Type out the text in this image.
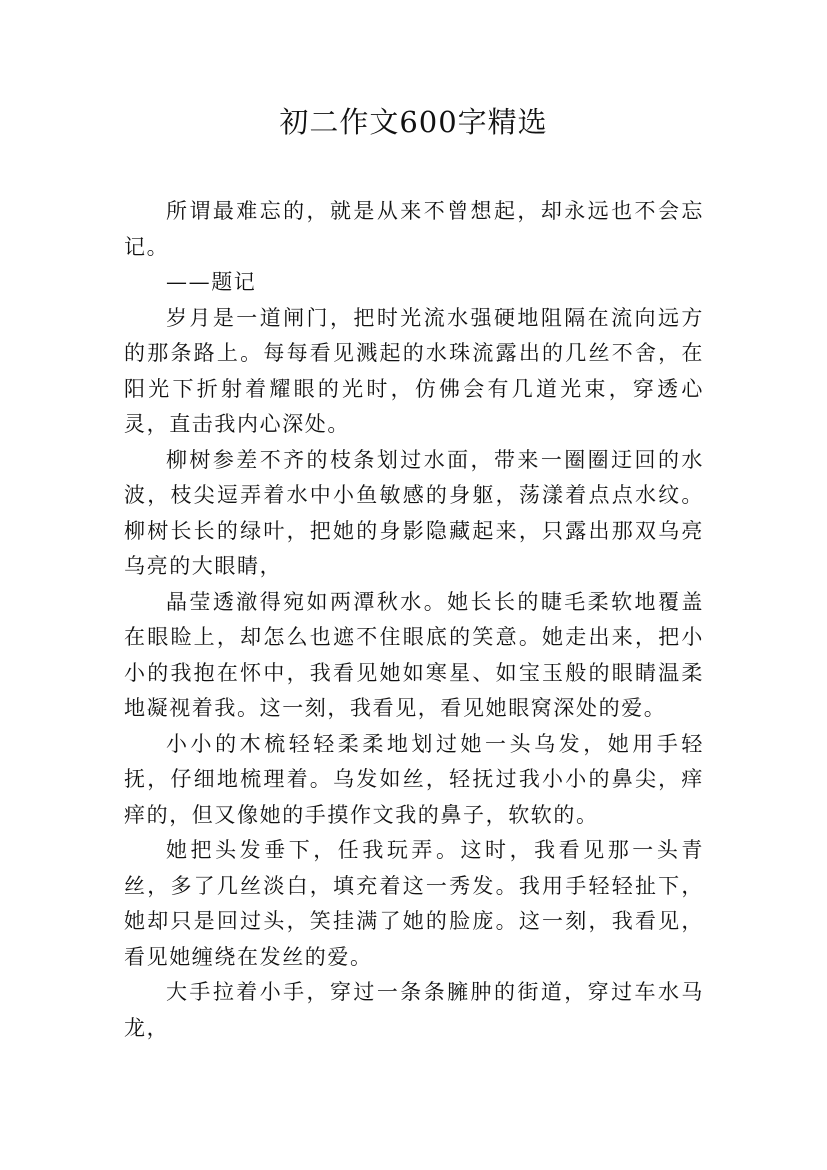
初二作文600字精选

所谓最难忘的，就是从来不曾想起，却永远也不会忘记。

——题记

岁月是一道闸门，把时光流水强硬地阻隔在流向远方的那条路上。每每看见溅起的水珠流露出的几丝不舍，在阳光下折射着耀眼的光时，仿佛会有几道光束，穿透心灵，直击我内心深处。

柳树参差不齐的枝条划过水面，带来一圈圈迂回的水波，枝尖逗弄着水中小鱼敏感的身躯，荡漾着点点水纹。柳树长长的绿叶，把她的身影隐藏起来，只露出那双乌亮乌亮的大眼睛，

晶莹透澈得宛如两潭秋水。她长长的睫毛柔软地覆盖在眼睑上，却怎么也遮不住眼底的笑意。她走出来，把小小的我抱在怀中，我看见她如寒星、如宝玉般的眼睛温柔地凝视着我。这一刻，我看见，看见她眼窝深处的爱。

小小的木梳轻轻柔柔地划过她一头乌发，她用手轻抚，仔细地梳理着。乌发如丝，轻抚过我小小的鼻尖，痒痒的，但又像她的手摸作文我的鼻子，软软的。

她把头发垂下，任我玩弄。这时，我看见那一头青丝，多了几丝淡白，填充着这一秀发。我用手轻轻扯下，她却只是回过头，笑挂满了她的脸庞。这一刻，我看见，看见她缠绕在发丝的爱。

大手拉着小手，穿过一条条臃肿的街道，穿过车水马龙，
